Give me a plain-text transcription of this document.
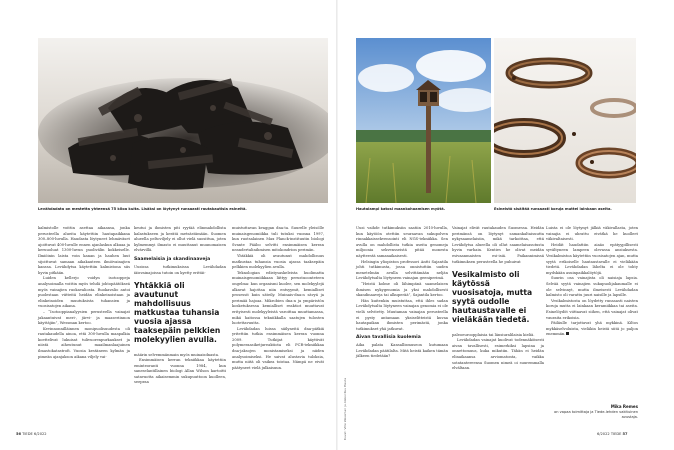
Levähdadata on mestetta yhteensä 75 kiloa kuita. Lisäksi on löytynyt runsaasti rautakautisia esineitä.	Hautalampi katosi maankohoamisen myötä.	Esineistö sisältää runsaasti koruja muttei lainkaan aseita.

kalmistolle voittin asettaa aikaansa, jonka perusteella alueita käytettiin hautapaikkana 300–800-luvulla. Haudasta löytyneet lehmäväset ajoittuvat 400-luvulle ennen ajanlaskun alkuaa ja keruuoluat 1300-luvun puolivälin kokkeiselle. Ilmiöinin laista voin kanan ja hauhen luut sijoittuvat samaan aikakauteen ilmiövainajien kanssa. Levähdytsa käytettiin kalmistona siis hyvin pitkään.

Luiden kellerjo voidyn isotooppeja analysoimalla voittin myös tehdä johtopäätökseä myös vainajien ruokavaliosta. Ruokavalio antoi puolestaan viitteitä heidän elinkeinoistaan ja elinkeinoiden muutuksista tuhansien ja vuosisatojen aikana.

– “Isotooppianalyysien perusteella vainajat jakaantuivat meri-, järvi- ja maaseriinnon käyttäjiin”, Wessman kertoo.

Kevinnonnilläinnen monipuolisuudesta oli rautakaudella ainoa, että 300-luvulla maapalkia koettelivat lukuisat tulivuorenpurkaukset ja niistä aiheutunut maailmanlaajuinen ilmastokatastrofi. Vuosia kestäneen kylmän ja pimeän ajanjakson aikana viljely vai-

keutui ja ihmisten piti ryytää elinmahdollista kalastukseen ja kerätä metsästämään. Suomen alueella peltoviljely ei ollut vielä suosittua, joten kylmemmyi ilmasto ei muuttanut muunomaisen elvärvillä.

Saamelaisia ja skandinaaveja

Uusissa tutkimuksissa Levähdadan iäisvainajoissa tutoin on kyetty erittäi-

Yhtäkkiä oli avautunut mahdollisuus matkustaa tuhansia vuosia ajassa taaksepäin pelkkien molekyylien avulla.

määrin selvemmänmain myös muinaisdnasta.

Ensimmäisen kerran tekniikkaa käytettiin eminteoranti vuonna 1984, kun saneselantillainen biologi Allan Wilson kartoitti satavuotta aikaisemmin sukupuuttoon kuolleen, seepraa

muistuttavan kvaggan dna:ta. Suurelle yleisölle muinaisgenomiikka tuli tutuksi vuonna 1997, kun ruotsalainen Max Planck-instituutin biologi Svante Pääbo selvitti ensimmäisen kerran neandertalinihmisen mitokondrion perimän.

Yhtäkkiä oli avautunut mahdollisuus matkustaa tuhansia vuosia ajassa taaksepäin pelkkien molekyylien avulla.

Teknologian edistysaskeleista huolimatta muinaisgenomiikkaan liittyy perustuoonteteen ongelma: kun organismi kuolee, sen molekyylejä alkavat hajottaa niin entsyymit, kemialliset prosessit kuin säteily. Muinais-dna:n sävyä ja perimää hajoaa. Mikrobien dna:n ja ympäristön kosketuksessa kemialliset reaktiot muuttavat erityisesti molekyyleistä varoittaa muuttamassa, mikä haitossa tekniikkalla saatujen tulosten luotettavuutta.

Levähdadan luissa säilyneitä dna-pätkiä yritettiin tutkia ensimmäisen kerran vuonna 2009. Tutkijat käyttivät polymeraasiketjureaktiota eli PCR-tekniikkaa dna-jaksojen monistamiseksi ja niiden analysoimiseksi. He saivat alustavia tuloksia, mutta niitä oli vaikea toistaa. Nämpä ne eivät päätyneet vielä julkaisuun.

Kuvat: Ville Wessman ja Aleksi Kuu Hauta

Uusi vaihde tutkimuksiin saatiin 2010-luvulla, kun käytöön otettiin seuraavan sukupolven rinnakkaissekvensointi eli NGS-tekniikka. Sen avulla on mahdollista tutkia useita genomeja miljoonia sekvensseistä pitää monesta näytteestä samanaikaisesti.

Helsingin yliopiston professori Antti Sajantila johti tutkimusta, jossa onnistuttiin uuden menetelmän avulla selvittämään neljän Levähdytsalta löytyneen vainajan geeniperimä.

“Heistä kolme oli lähimpänä saamelaisen ihmisen nykygenomia ja yksi mahdollisesti skandinaaveja tai alkuperää”, Sajantila kertoo.

Hän kuitenkin muistuttaa, että ihles sadan Levähdytsalta löytyneen vainajan genomia ei ole vielä selvitetty. Muutaman vainajan perusteella ei pysty antamaan yksiselitteistä kuvaa hautapaikan ihmisten perimästä, jonka tutkimukset yhä jatkuvat.

Aivan tavallisia kuolemia

Aika palata Kansallismuseon kutumaan Levähdadan päätilalta. Mitä heistä kaiken tämän jälkeen tiedetään?

Vainajat elivät rautakauden Suomessa. Heidän perimänsä on löytynyt samankaltaisuutta nykysaamelaisiin, mikä tarkoittaa, että Levähdytsa alueella oli ollut saamelaisasutusta hyvin varhain. Kenties he olivat meidän esivaanmaisten esi-isiä. Paikannimissä tutkimuksen perusteella he puhuivat

Vesikalmisto oli käytössä vuosisatoja, mutta syytä oudolle hautaustavalle ei vieläkään tiedetä.

paleoeuroopplaisia tai länsiuralilaisia kieliä.

Levähdadan vainajat kuolivat todennäköisesti aivan tavallisesti, esimerkiksi lapsina ja onnettomuus, kuka mikutiin. Tähän ei heidän elinaikaansa arviomatonta, vaikka sotatantereensa Suomen nimeä oi suuremmalla elvältaan.

Luista ei ole löytynyt jälkiä väkivallasta, joten vainajia ei uhrattu eivätkä he kuolleet väkivaltaisesti.

Heidät haudattiin aiaão epätyypillisesti syvältyneen lampeen olevassa ansiuksesta. Vesikalmistoa käytettiin vuosisatojen ajan, mutta syytä erikoiselle hautaustavalle ei vieläkään tiedetä. Levähdadan lähelta ei ole tohty mydskään asuinpaikkalöytöjä.

Suurin osa vainajista oli naisiaja lapsia. Selvää syytä vainajien sukupuolijakaumalle ei ole selvinnyt, mutta ilmeisesti Levähdadan kalmisto oli varattu juuri naisille ja lapsille.

Vesikalmistosta on löydetty runsaasti naisten koruja mutta ei lainkaan keramiikkaa tai aseita. Esinelöydöt viittaavat siihen, että vainajat olivat vauraita erikoisia.

Päiläulle tarjottavat yhä mykkinä. Kiltos mykkäselvoluista, vieläkin heistä siitä jo paljon enemmän.

Mika Remes
on vapaa toimittaja ja Tiede-lehden vakituinen avustaja.
56 TIEDE 6/2022	6/2022 TIEDE 57
